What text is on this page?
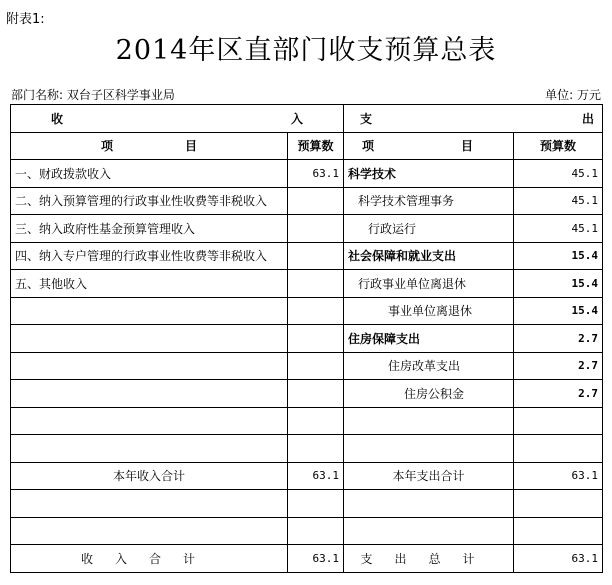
附表1:
2014年区直部门收支预算总表
部门名称: 双台子区科学事业局	单位: 万元
收 入		支 出	

项 目	预算数	项 目	预算数
一、财政拨款收入	63.1	科学技术	45.1
二、纳入预算管理的行政事业性收费等非税收入		科学技术管理事务	45.1
三、纳入政府性基金预算管理收入		行政运行	45.1
四、纳入专户管理的行政事业性收费等非税收入		社会保障和就业支出	15.4
五、其他收入		行政事业单位离退休	15.4
		事业单位离退休	15.4
		住房保障支出	2.7
		住房改革支出	2.7
		住房公积金	2.7

本年收入合计	63.1	本年支出合计	63.1

收入合计	63.1	支出总计	63.1
